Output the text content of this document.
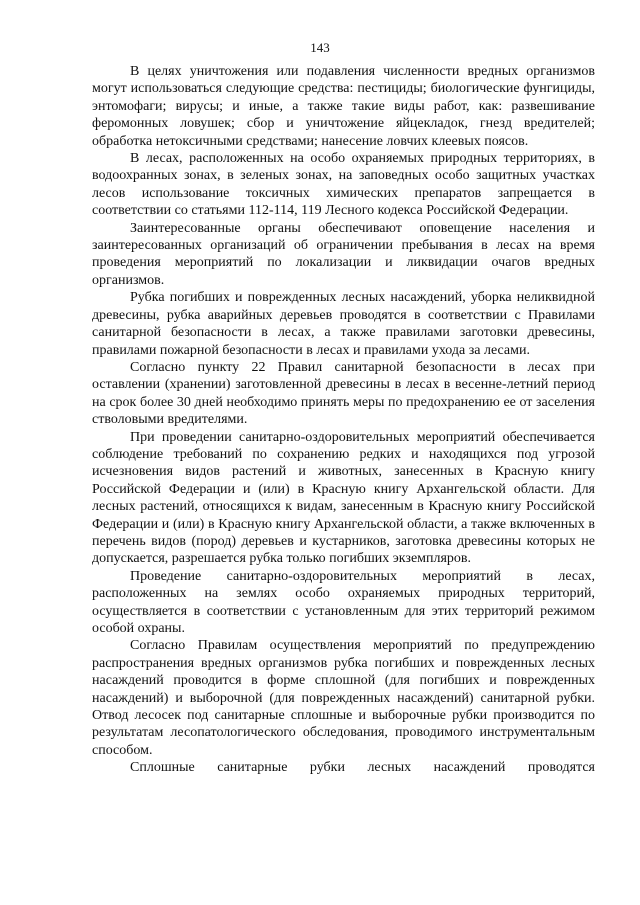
143

В целях уничтожения или подавления численности вредных организмов могут использоваться следующие средства: пестициды; биологические фунгициды, энтомофаги; вирусы; и иные, а также такие виды работ, как: развешивание феромонных ловушек; сбор и уничтожение яйцекладок, гнезд вредителей; обработка нетоксичными средствами; нанесение ловчих клеевых поясов.

В лесах, расположенных на особо охраняемых природных территориях, в водоохранных зонах, в зеленых зонах, на заповедных особо защитных участках лесов использование токсичных химических препаратов запрещается в соответствии со статьями 112-114, 119 Лесного кодекса Российской Федерации.

Заинтересованные органы обеспечивают оповещение населения и заинтересованных организаций об ограничении пребывания в лесах на время проведения мероприятий по локализации и ликвидации очагов вредных организмов.

Рубка погибших и поврежденных лесных насаждений, уборка неликвидной древесины, рубка аварийных деревьев проводятся в соответствии с Правилами санитарной безопасности в лесах, а также правилами заготовки древесины, правилами пожарной безопасности в лесах и правилами ухода за лесами.

Согласно пункту 22 Правил санитарной безопасности в лесах при оставлении (хранении) заготовленной древесины в лесах в весенне-летний период на срок более 30 дней необходимо принять меры по предохранению ее от заселения стволовыми вредителями.

При проведении санитарно-оздоровительных мероприятий обеспечивается соблюдение требований по сохранению редких и находящихся под угрозой исчезновения видов растений и животных, занесенных в Красную книгу Российской Федерации и (или) в Красную книгу Архангельской области. Для лесных растений, относящихся к видам, занесенным в Красную книгу Российской Федерации и (или) в Красную книгу Архангельской области, а также включенных в перечень видов (пород) деревьев и кустарников, заготовка древесины которых не допускается, разрешается рубка только погибших экземпляров.

Проведение санитарно-оздоровительных мероприятий в лесах, расположенных на землях особо охраняемых природных территорий, осуществляется в соответствии с установленным для этих территорий режимом особой охраны.

Согласно Правилам осуществления мероприятий по предупреждению распространения вредных организмов рубка погибших и поврежденных лесных насаждений проводится в форме сплошной (для погибших и поврежденных насаждений) и выборочной (для поврежденных насаждений) санитарной рубки. Отвод лесосек под санитарные сплошные и выборочные рубки производится по результатам лесопатологического обследования, проводимого инструментальным способом.

Сплошные санитарные рубки лесных насаждений проводятся
